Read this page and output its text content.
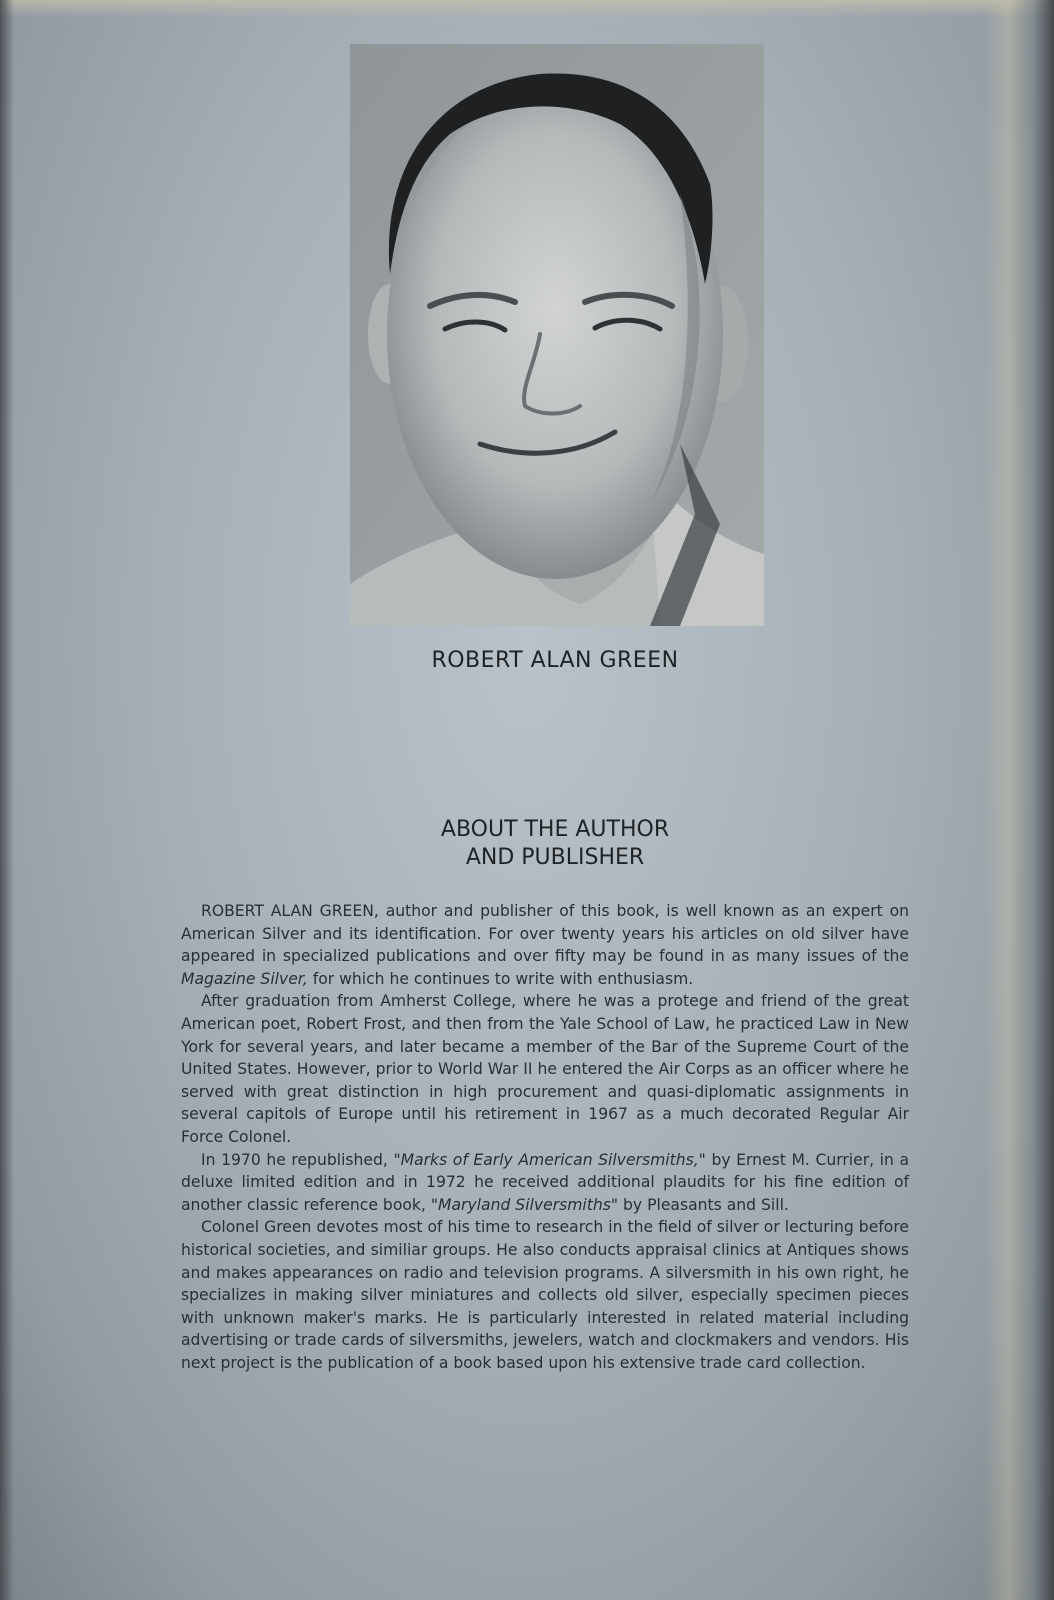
ROBERT ALAN GREEN
ABOUT THE AUTHOR
AND PUBLISHER

ROBERT ALAN GREEN, author and publisher of this book, is well known as an expert on American Silver and its identification. For over twenty years his articles on old silver have appeared in specialized publications and over fifty may be found in as many issues of the Magazine Silver, for which he continues to write with enthusiasm.

After graduation from Amherst College, where he was a protege and friend of the great American poet, Robert Frost, and then from the Yale School of Law, he practiced Law in New York for several years, and later became a member of the Bar of the Supreme Court of the United States. However, prior to World War II he entered the Air Corps as an officer where he served with great distinction in high procurement and quasi-diplomatic assignments in several capitols of Europe until his retirement in 1967 as a much decorated Regular Air Force Colonel.

In 1970 he republished, "Marks of Early American Silversmiths," by Ernest M. Currier, in a deluxe limited edition and in 1972 he received additional plaudits for his fine edition of another classic reference book, "Maryland Silversmiths" by Pleasants and Sill.

Colonel Green devotes most of his time to research in the field of silver or lecturing before historical societies, and similiar groups. He also conducts appraisal clinics at Antiques shows and makes appearances on radio and television programs. A silversmith in his own right, he specializes in making silver miniatures and collects old silver, especially specimen pieces with unknown maker's marks. He is particularly interested in related material including advertising or trade cards of silversmiths, jewelers, watch and clockmakers and vendors. His next project is the publication of a book based upon his extensive trade card collection.
